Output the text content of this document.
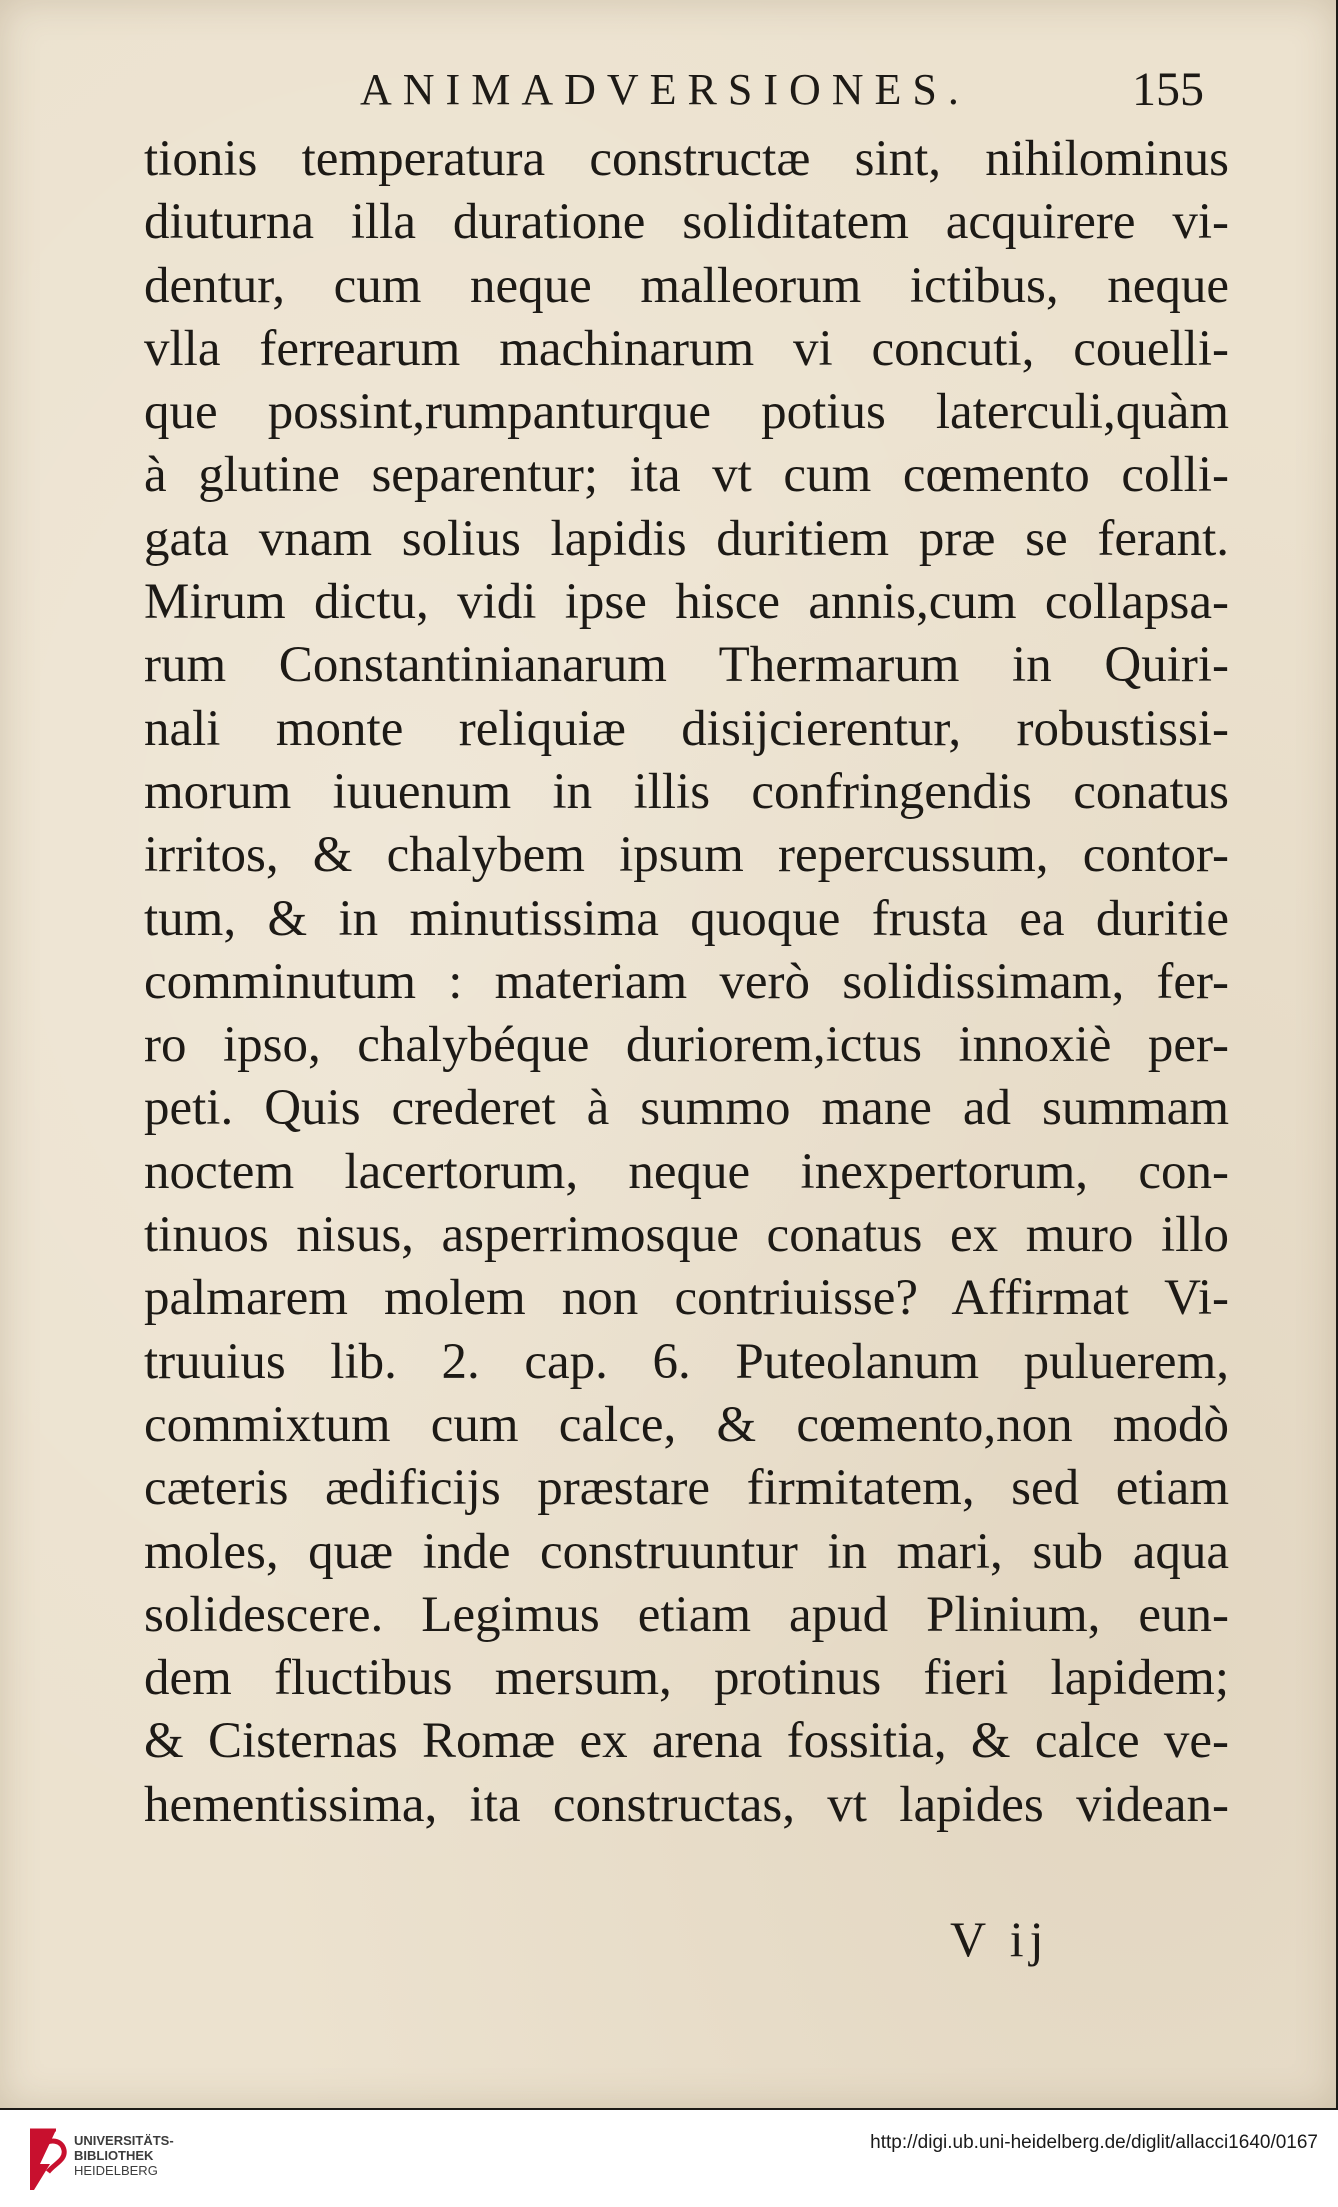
ANIMADVERSIONES.	155
tionis temperatura constructæ sint, nihilominus
diuturna illa duratione soliditatem acquirere vi-
dentur, cum neque malleorum ictibus, neque
vlla ferrearum machinarum vi concuti, couelli-
que possint,rumpanturque potius laterculi,quàm
à glutine separentur; ita vt cum cœmento colli-
gata vnam solius lapidis duritiem præ se ferant.
Mirum dictu, vidi ipse hisce annis,cum collapsa-
rum Constantinianarum Thermarum in Quiri-
nali monte reliquiæ disijcierentur, robustissi-
morum iuuenum in illis confringendis conatus
irritos, & chalybem ipsum repercussum, contor-
tum, & in minutissima quoque frusta ea duritie
comminutum : materiam verò solidissimam, fer-
ro ipso, chalybéque duriorem,ictus innoxiè per-
peti. Quis crederet à summo mane ad summam
noctem lacertorum, neque inexpertorum, con-
tinuos nisus, asperrimosque conatus ex muro illo
palmarem molem non contriuisse? Affirmat Vi-
truuius lib. 2. cap. 6. Puteolanum puluerem,
commixtum cum calce, & cœmento,non modò
cæteris ædificijs præstare firmitatem, sed etiam
moles, quæ inde construuntur in mari, sub aqua
solidescere. Legimus etiam apud Plinium, eun-
dem fluctibus mersum, protinus fieri lapidem;
& Cisternas Romæ ex arena fossitia, & calce ve-
hementissima, ita constructas, vt lapides videan-
V ij
UNIVERSITÄTS-
BIBLIOTHEK
HEIDELBERG
http://digi.ub.uni-heidelberg.de/diglit/allacci1640/0167
